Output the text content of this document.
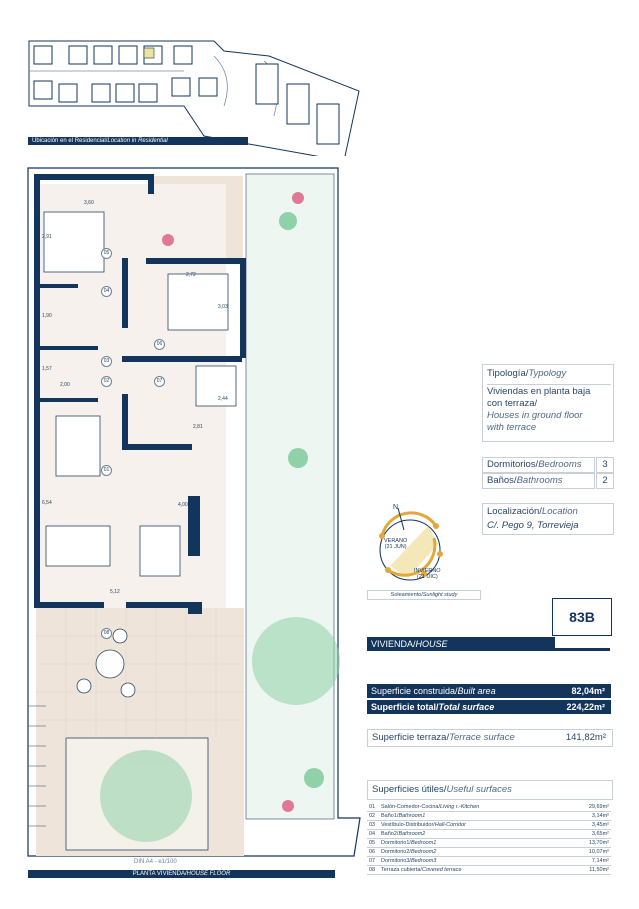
Ubicación en el Residencial/Location in Residential
05
04
06
03
02	07
01
08
3,60
2,91
2,72
3,03
1,90
1,57
2,00
2,44
2,81
6,54	4,00
5,12
DIN A4 - e1/100
PLANTA VIVIENDA/HOUSE FLOOR
Tipología/Typology
Viviendas en planta baja
con terraza/
Houses in ground floor
with terrace
Dormitorios/Bedrooms	3
Baños/Bathrooms	2
Localización/Location
C/. Pego 9, Torrevieja
N
VERANO
(21 JUN)
INVIERNO
(21 DIC)
Soleamiento/Sunlight study
83B
VIVIENDA/HOUSE
Superficie construida/Built area	82,04m²
Superficie total/Total surface	224,22m²
Superficie terraza/Terrace surface	141,82m²
Superficies útiles/Useful surfaces
01	Salón-Comedor-Cocina/Living r.-Kitchen	29,69m²
02	Baño1/Bathroom1	3,14m²
03	Vestíbulo-Distribuidor/Hall-Corridor	3,45m²
04	Baño2/Bathroom2	3,65m²
05	Dormitorio1/Bedroom1	13,70m²
06	Dormitorio2/Bedroom2	10,07m²
07	Dormitorio3/Bedroom3	7,14m²
08	Terraza cubierta/Covered terrace	11,50m²
